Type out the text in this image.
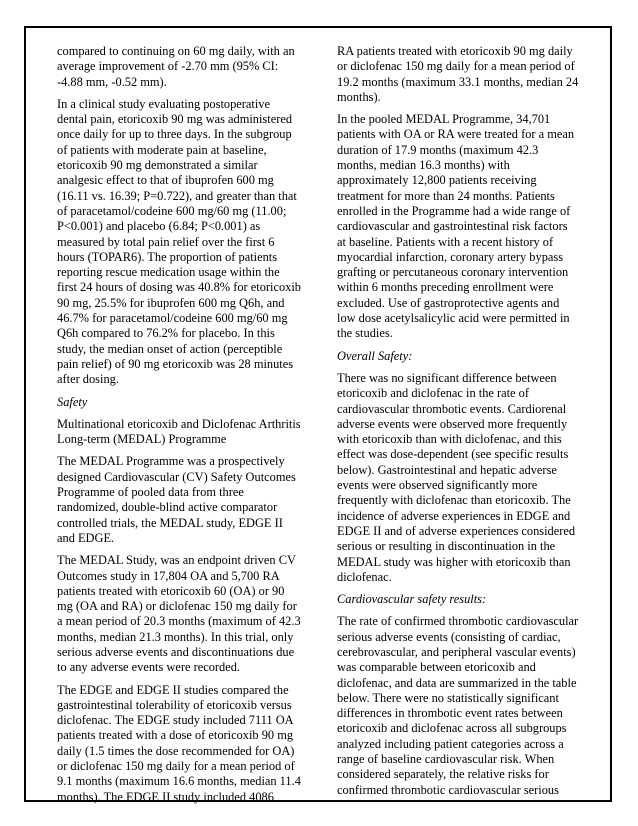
compared to continuing on 60 mg daily, with an average improvement of -2.70 mm (95% CI: -4.88 mm, -0.52 mm).

In a clinical study evaluating postoperative dental pain, etoricoxib 90 mg was administered once daily for up to three days. In the subgroup of patients with moderate pain at baseline, etoricoxib 90 mg demonstrated a similar analgesic effect to that of ibuprofen 600 mg (16.11 vs. 16.39; P=0.722), and greater than that of paracetamol/codeine 600 mg/60 mg (11.00; P<0.001) and placebo (6.84; P<0.001) as measured by total pain relief over the first 6 hours (TOPAR6). The proportion of patients reporting rescue medication usage within the first 24 hours of dosing was 40.8% for etoricoxib 90 mg, 25.5% for ibuprofen 600 mg Q6h, and 46.7% for paracetamol/codeine 600 mg/60 mg Q6h compared to 76.2% for placebo. In this study, the median onset of action (perceptible pain relief) of 90 mg etoricoxib was 28 minutes after dosing.

Safety

Multinational etoricoxib and Diclofenac Arthritis Long-term (MEDAL) Programme

The MEDAL Programme was a prospectively designed Cardiovascular (CV) Safety Outcomes Programme of pooled data from three randomized, double-blind active comparator controlled trials, the MEDAL study, EDGE II and EDGE.

The MEDAL Study, was an endpoint driven CV Outcomes study in 17,804 OA and 5,700 RA patients treated with etoricoxib 60 (OA) or 90 mg (OA and RA) or diclofenac 150 mg daily for a mean period of 20.3 months (maximum of 42.3 months, median 21.3 months). In this trial, only serious adverse events and discontinuations due to any adverse events were recorded.

The EDGE and EDGE II studies compared the gastrointestinal tolerability of etoricoxib versus diclofenac. The EDGE study included 7111 OA patients treated with a dose of etoricoxib 90 mg daily (1.5 times the dose recommended for OA) or diclofenac 150 mg daily for a mean period of 9.1 months (maximum 16.6 months, median 11.4 months). The EDGE II study included 4086

RA patients treated with etoricoxib 90 mg daily or diclofenac 150 mg daily for a mean period of 19.2 months (maximum 33.1 months, median 24 months).

In the pooled MEDAL Programme, 34,701 patients with OA or RA were treated for a mean duration of 17.9 months (maximum 42.3 months, median 16.3 months) with approximately 12,800 patients receiving treatment for more than 24 months. Patients enrolled in the Programme had a wide range of cardiovascular and gastrointestinal risk factors at baseline. Patients with a recent history of myocardial infarction, coronary artery bypass grafting or percutaneous coronary intervention within 6 months preceding enrollment were excluded. Use of gastroprotective agents and low dose acetylsalicylic acid were permitted in the studies.

Overall Safety:

There was no significant difference between etoricoxib and diclofenac in the rate of cardiovascular thrombotic events. Cardiorenal adverse events were observed more frequently with etoricoxib than with diclofenac, and this effect was dose-dependent (see specific results below). Gastrointestinal and hepatic adverse events were observed significantly more frequently with diclofenac than etoricoxib. The incidence of adverse experiences in EDGE and EDGE II and of adverse experiences considered serious or resulting in discontinuation in the MEDAL study was higher with etoricoxib than diclofenac.

Cardiovascular safety results:

The rate of confirmed thrombotic cardiovascular serious adverse events (consisting of cardiac, cerebrovascular, and peripheral vascular events) was comparable between etoricoxib and diclofenac, and data are summarized in the table below. There were no statistically significant differences in thrombotic event rates between etoricoxib and diclofenac across all subgroups analyzed including patient categories across a range of baseline cardiovascular risk. When considered separately, the relative risks for confirmed thrombotic cardiovascular serious
